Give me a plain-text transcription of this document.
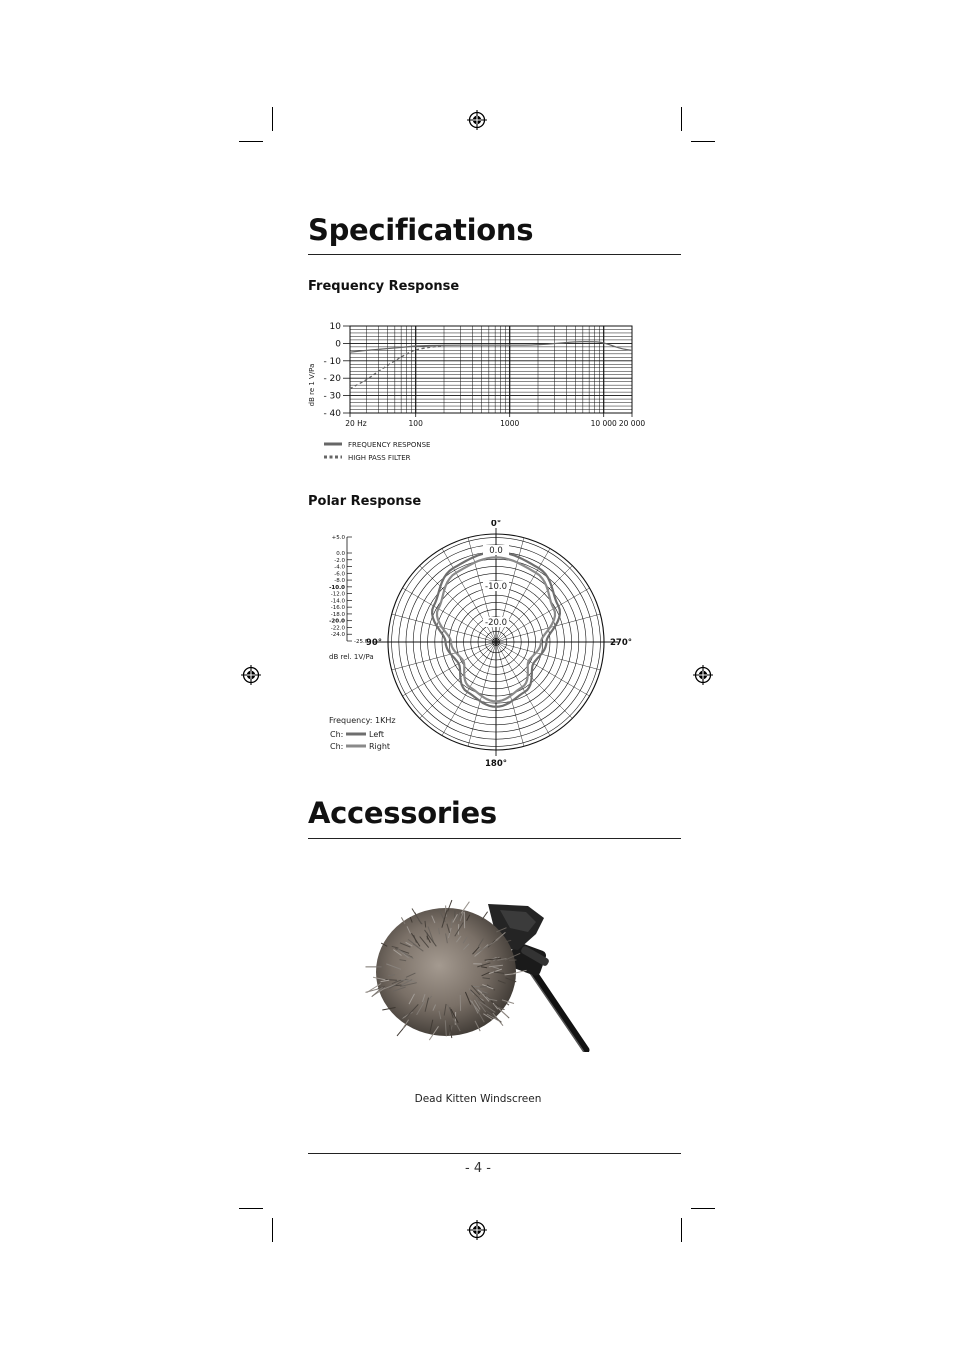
Specifications
Frequency Response
10
0
- 10
- 20
- 30
- 40
20 Hz	100	1000	10 000 20 000
dB re 1 V/Pa
FREQUENCY RESPONSE
HIGH PASS FILTER
Polar Response
+5.0
0.0
-2.0
-4.0
-6.0
-8.0
-10.0
-12.0
-14.0
-16.0
-18.0
-20.0
-22.0
-24.0
-25.0
dB rel. 1V/Pa
0.0
-10.0
-20.0
0°
90°
180°
270°
Frequency: 1KHz
Ch:	Left
Ch:	Right
Accessories
Dead Kitten Windscreen
- 4 -
